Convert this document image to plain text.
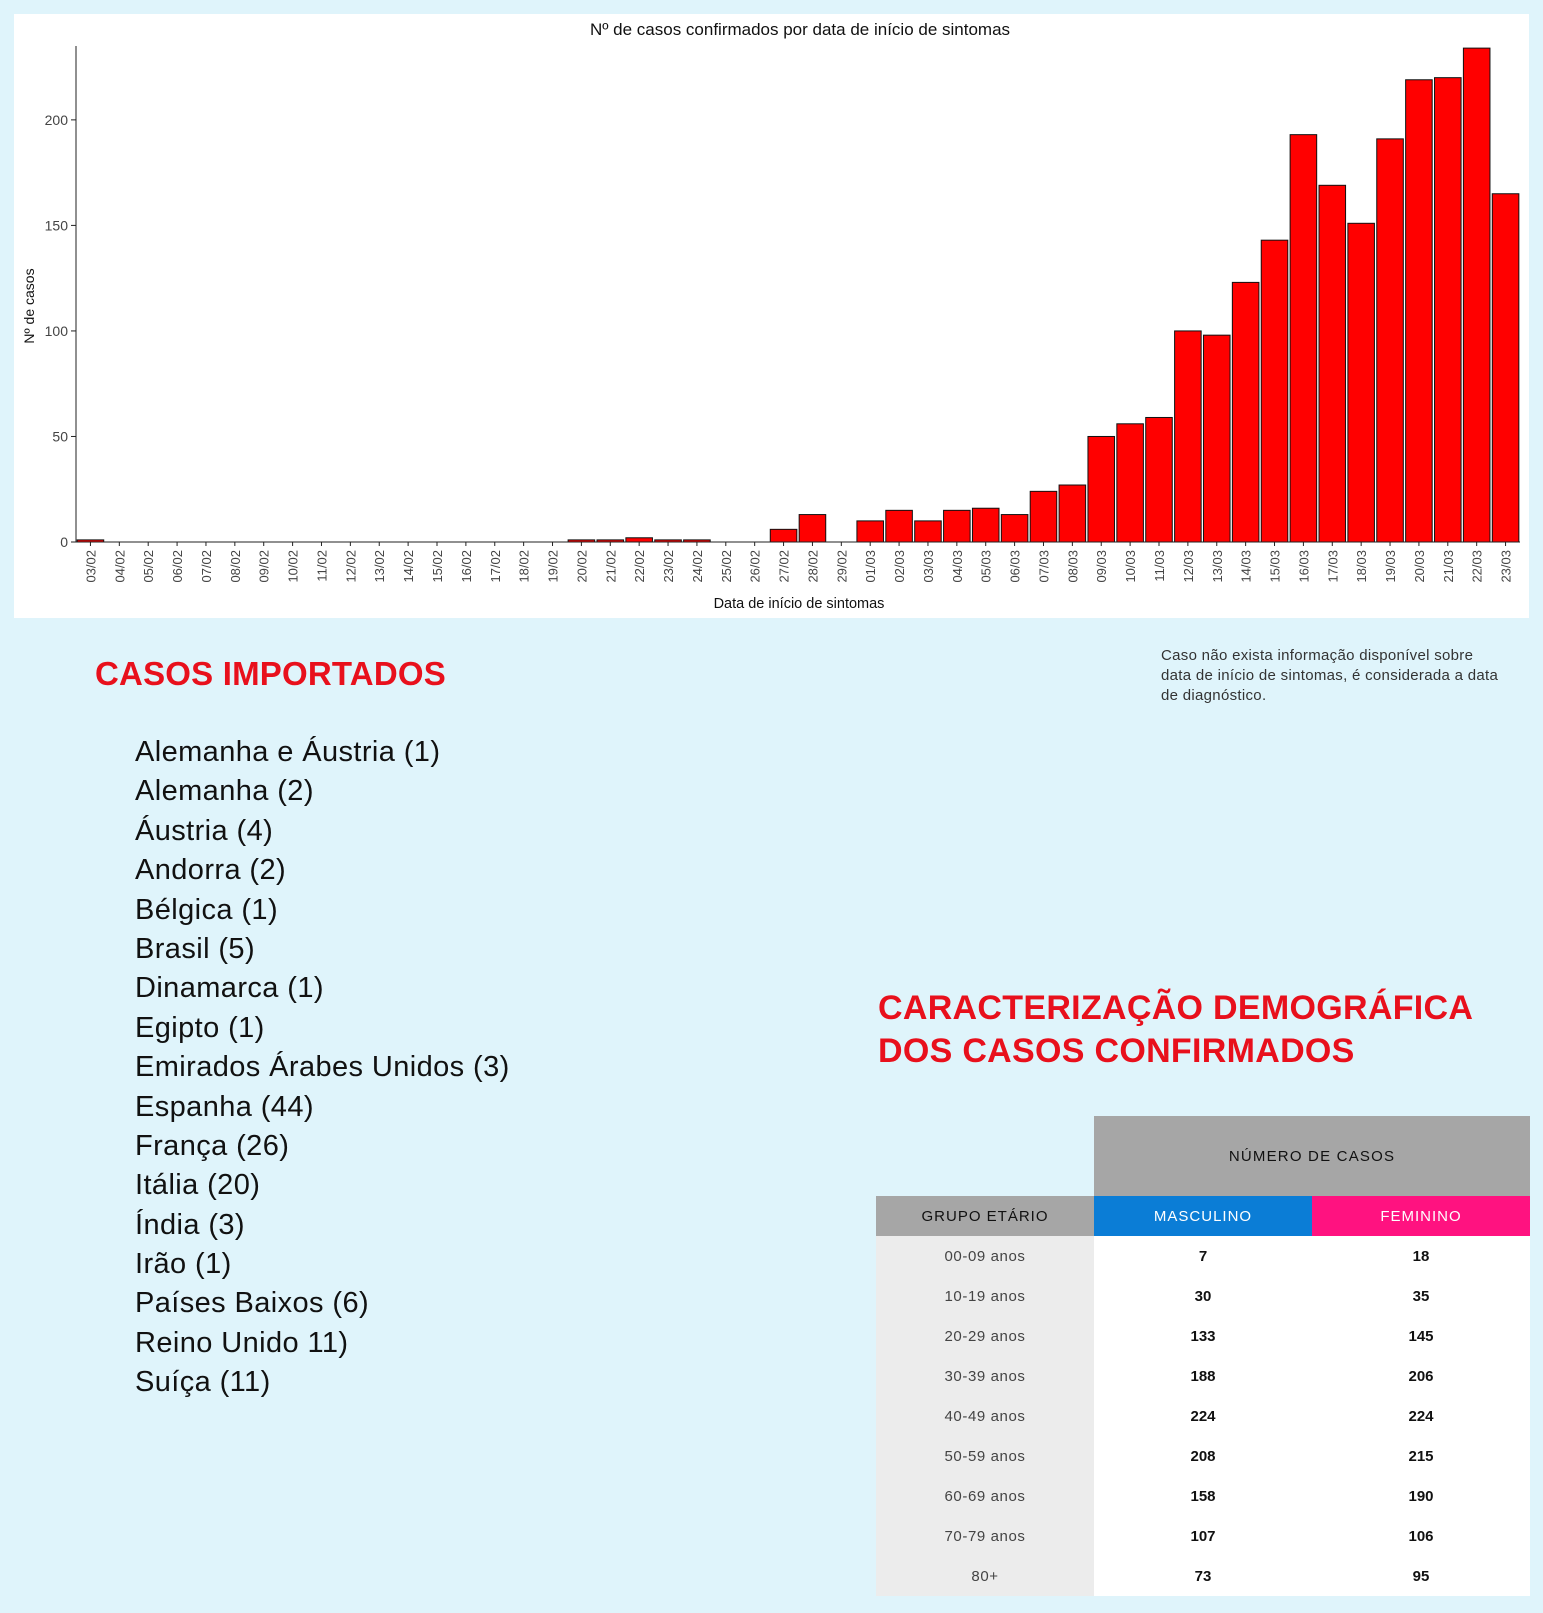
Nº de casos confirmados por data de início de sintomas
Nº de casos
Data de início de sintomas
0
50
100
150
200
03/02 04/02 05/02 06/02 07/02 08/02 09/02 10/02 11/02 12/02 13/02 14/02 15/02 16/02 17/02 18/02 19/02 20/02 21/02 22/02 23/02 24/02 25/02 26/02 27/02 28/02 29/02 01/03 02/03 03/03 04/03 05/03 06/03 07/03 08/03 09/03 10/03 11/03 12/03 13/03 14/03 15/03 16/03 17/03 18/03 19/03 20/03 21/03 22/03 23/03
CASOS IMPORTADOS	Caso não exista informação disponível sobre data de início de sintomas, é considerada a data de diagnóstico.
Alemanha e Áustria (1)
Alemanha (2)
Áustria (4)
Andorra (2)
Bélgica (1)
Brasil (5)
Dinamarca (1)
Egipto (1)
Emirados Árabes Unidos (3)
Espanha (44)
França (26)
Itália (20)
Índia (3)
Irão (1)
Países Baixos (6)
Reino Unido 11)
Suíça (11)
CARACTERIZAÇÃO DEMOGRÁFICA
DOS CASOS CONFIRMADOS
	NÚMERO DE CASOS	
GRUPO ETÁRIO	MASCULINO	FEMININO
00-09 anos	7	18
10-19 anos	30	35
20-29 anos	133	145
30-39 anos	188	206
40-49 anos	224	224
50-59 anos	208	215
60-69 anos	158	190
70-79 anos	107	106
80+	73	95
